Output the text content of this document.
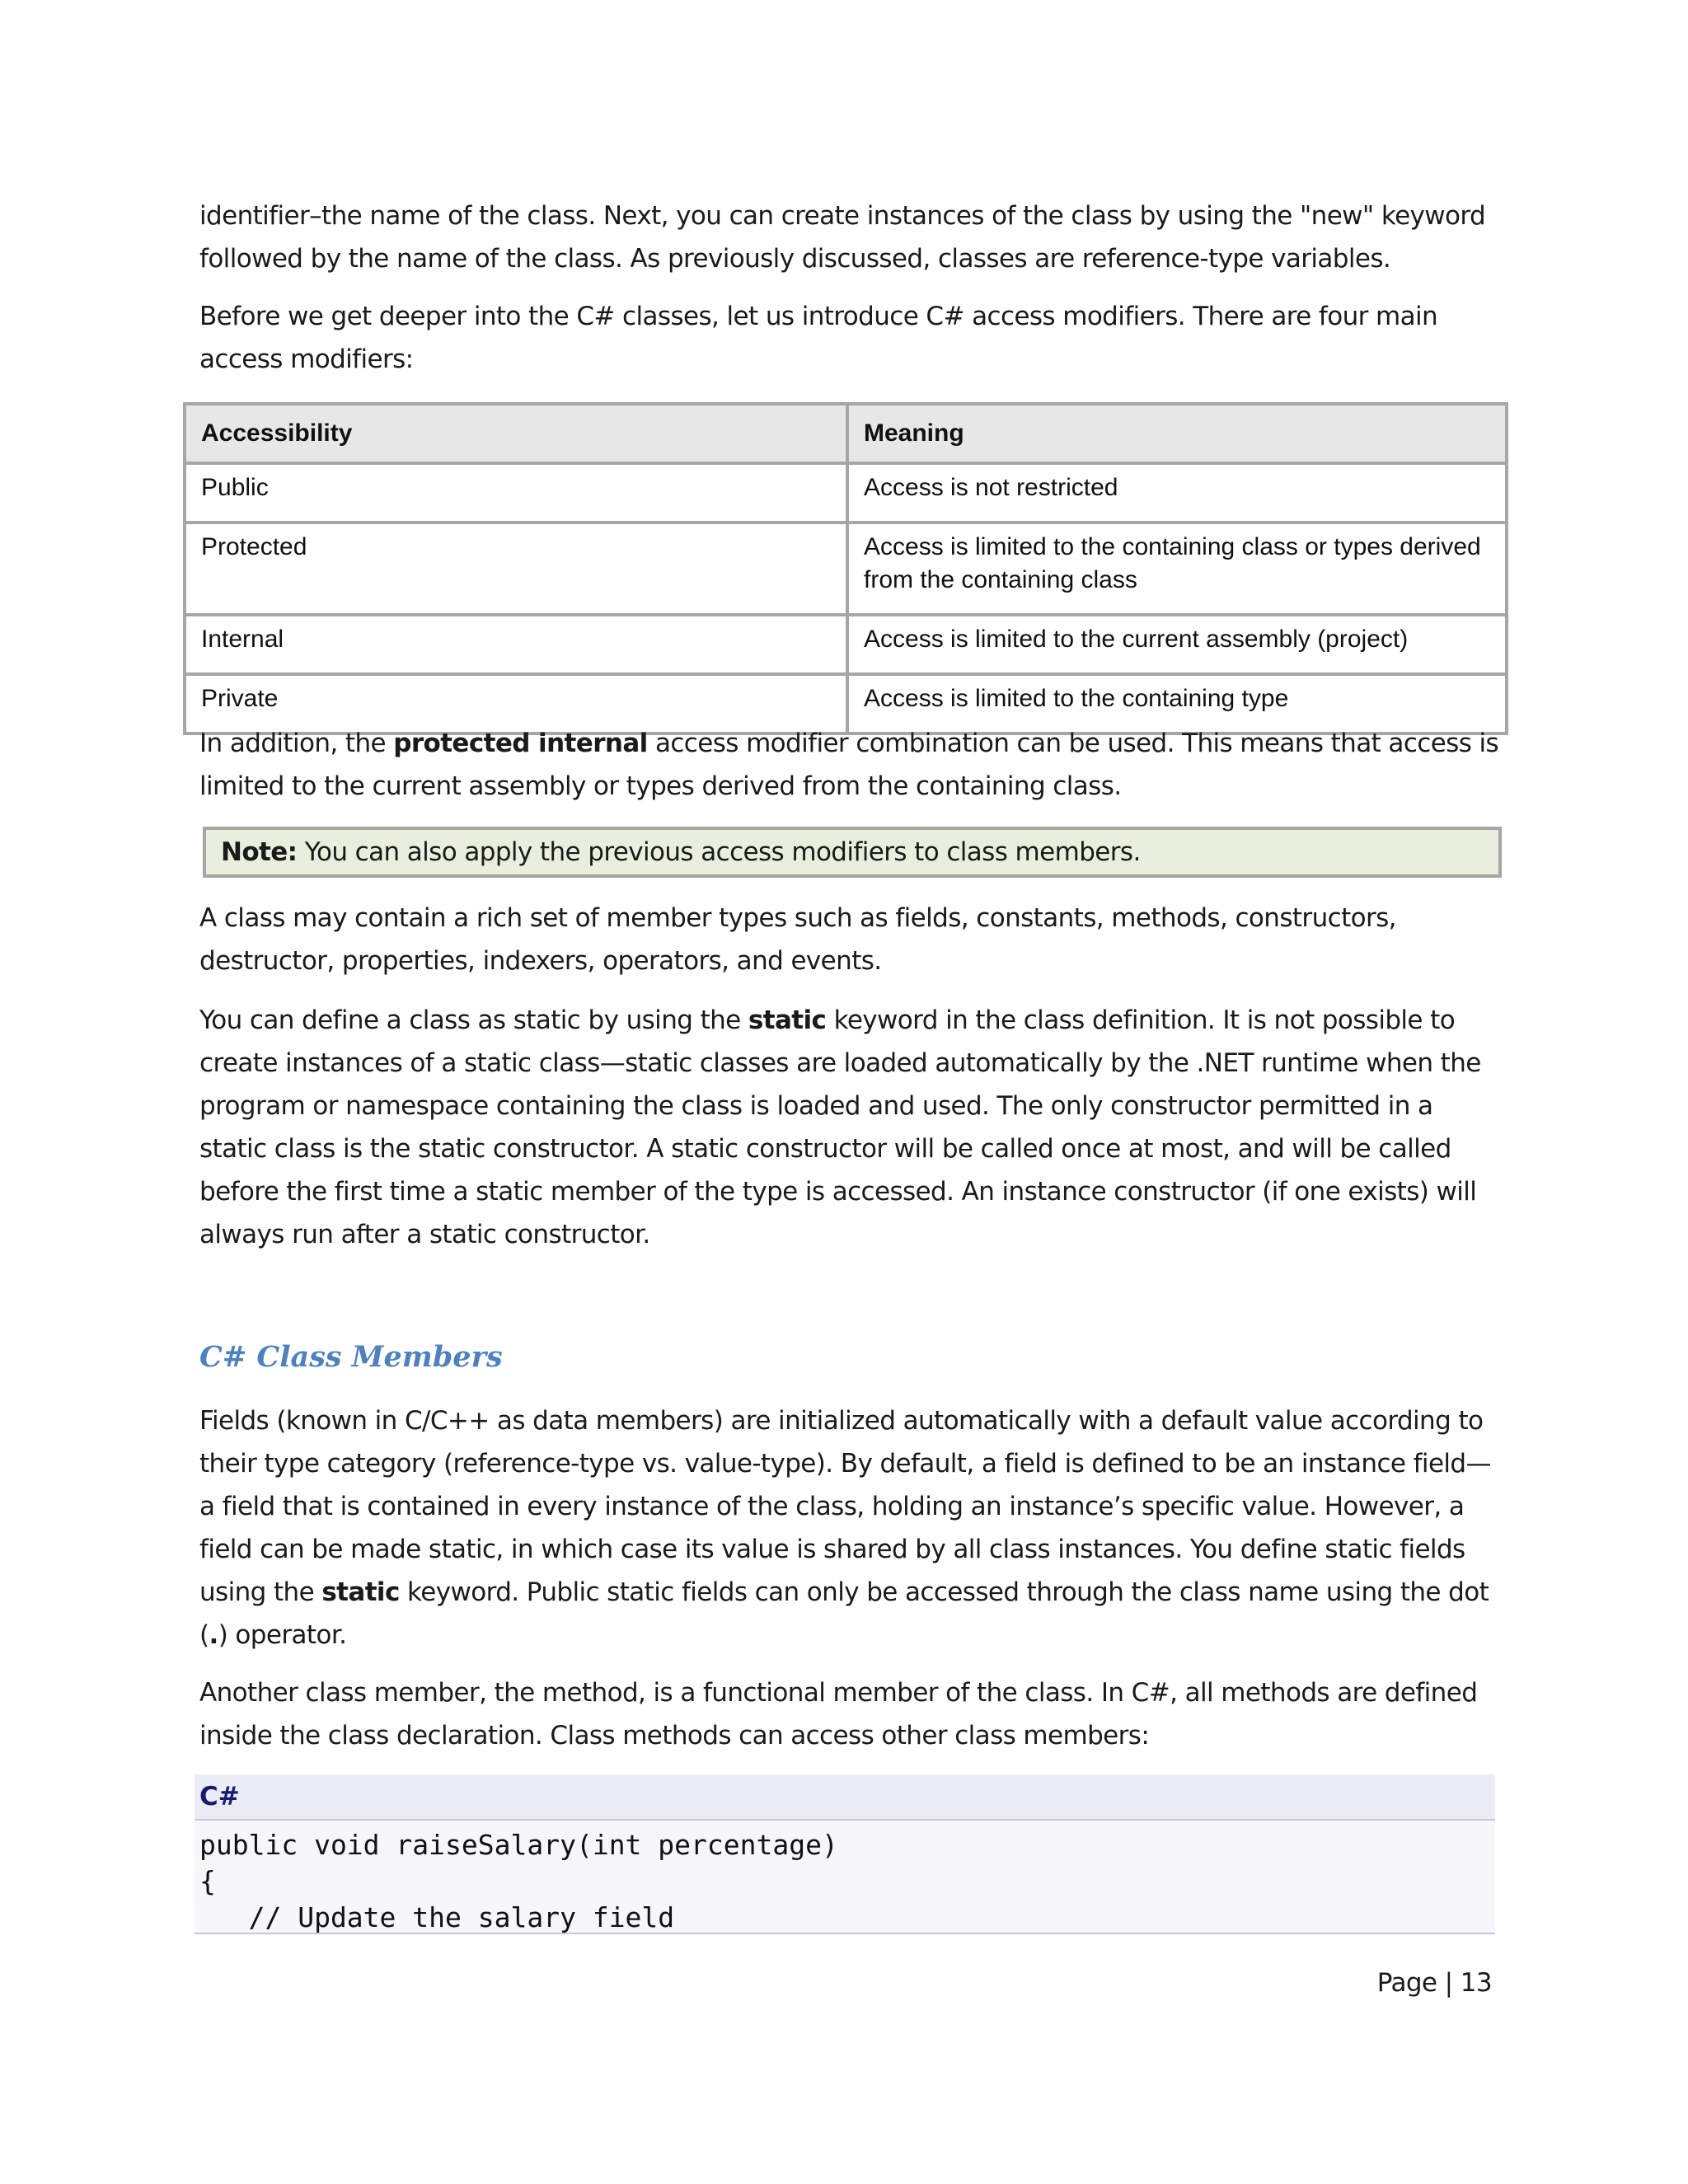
identifier–the name of the class. Next, you can create instances of the class by using the "new" keyword
followed by the name of the class. As previously discussed, classes are reference-type variables.

Before we get deeper into the C# classes, let us introduce C# access modifiers. There are four main
access modifiers:

Accessibility	Meaning
Public	Access is not restricted
Protected	Access is limited to the containing class or types derived from the containing class
Internal	Access is limited to the current assembly (project)
Private	Access is limited to the containing type

In addition, the protected internal access modifier combination can be used. This means that access is
limited to the current assembly or types derived from the containing class.

Note: You can also apply the previous access modifiers to class members.

A class may contain a rich set of member types such as fields, constants, methods, constructors,
destructor, properties, indexers, operators, and events.

You can define a class as static by using the static keyword in the class definition. It is not possible to
create instances of a static class—static classes are loaded automatically by the .NET runtime when the
program or namespace containing the class is loaded and used. The only constructor permitted in a
static class is the static constructor. A static constructor will be called once at most, and will be called
before the first time a static member of the type is accessed. An instance constructor (if one exists) will
always run after a static constructor.

C# Class Members

Fields (known in C/C++ as data members) are initialized automatically with a default value according to
their type category (reference-type vs. value-type). By default, a field is defined to be an instance field—
a field that is contained in every instance of the class, holding an instance’s specific value. However, a
field can be made static, in which case its value is shared by all class instances. You define static fields
using the static keyword. Public static fields can only be accessed through the class name using the dot
(.) operator.

Another class member, the method, is a functional member of the class. In C#, all methods are defined
inside the class declaration. Class methods can access other class members:

C#
public void raiseSalary(int percentage)
{
// Update the salary field
Page | 13
